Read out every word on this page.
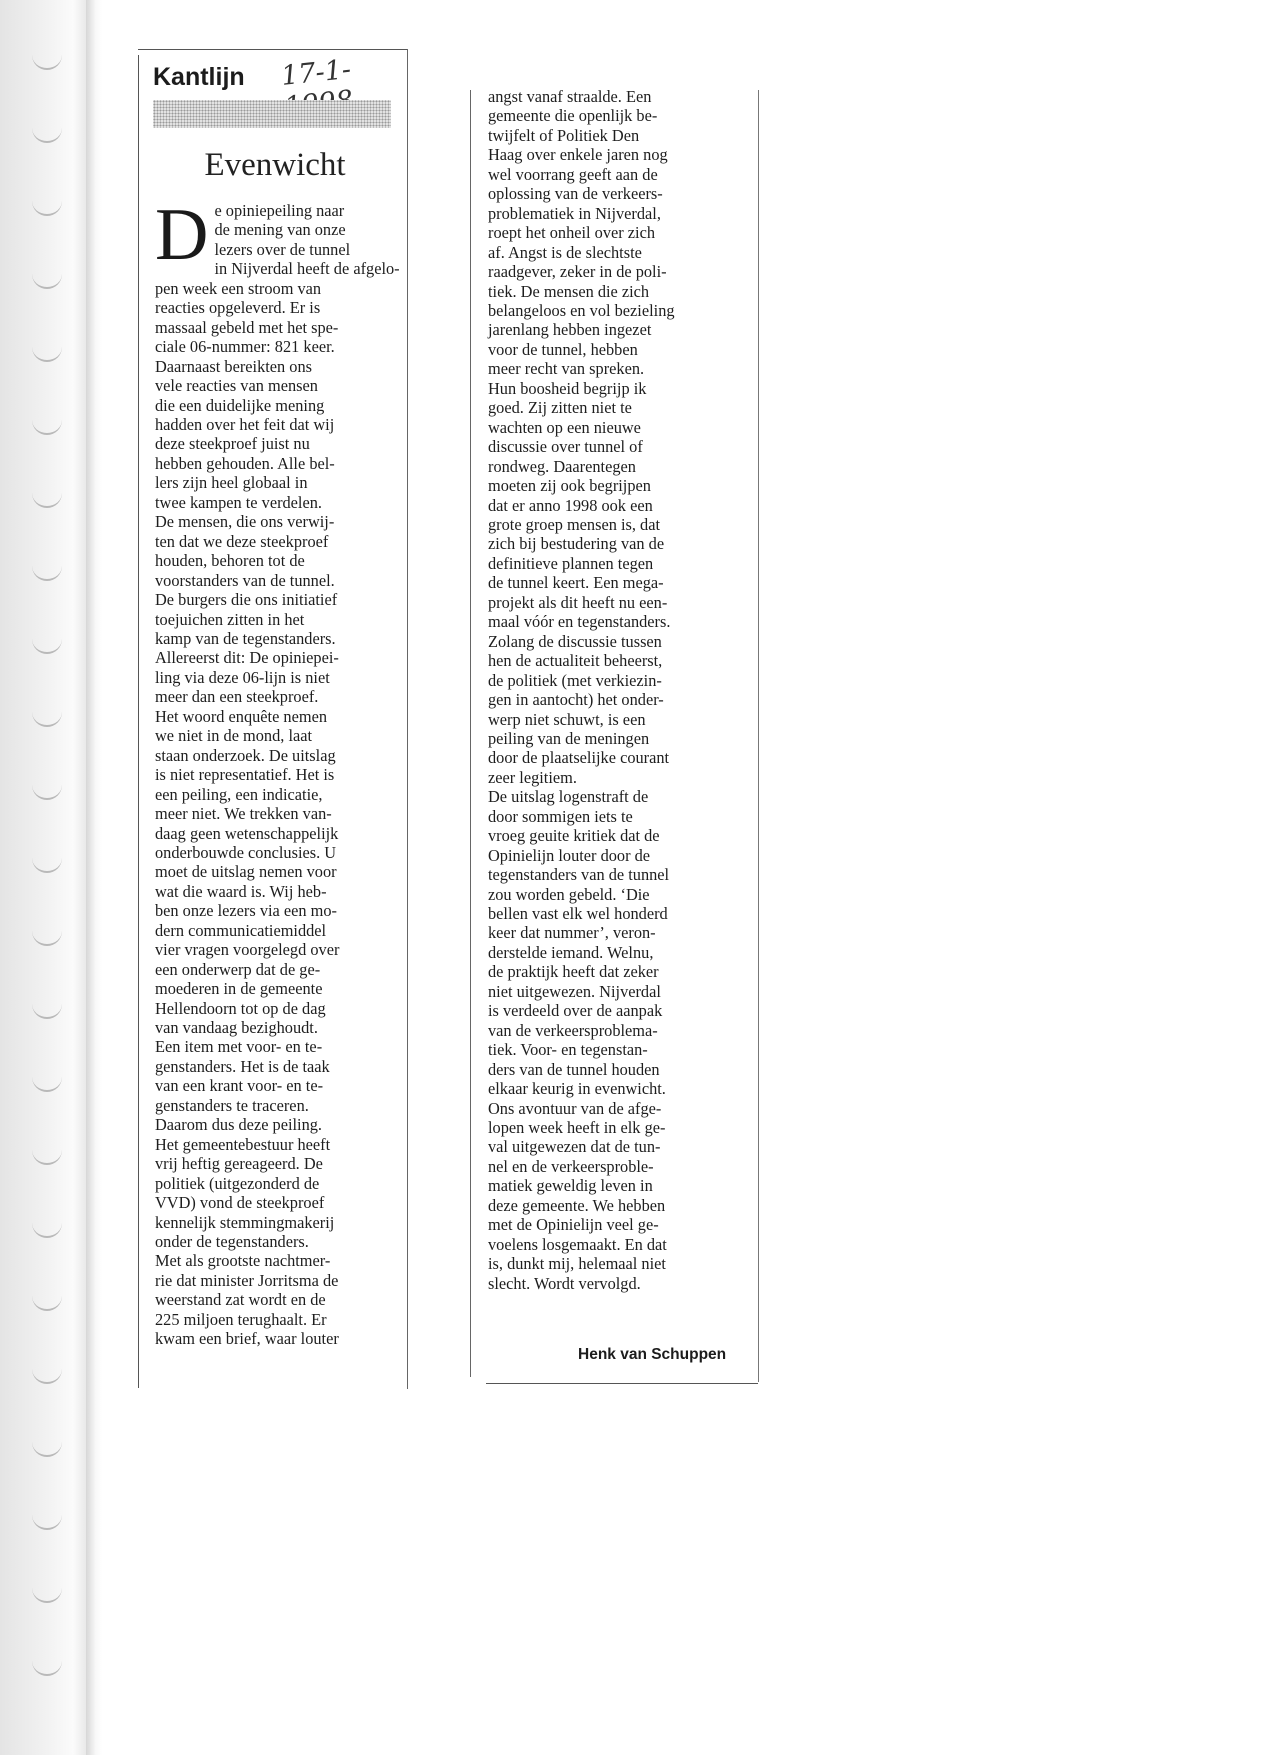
Kantlijn 17-1-1998
Evenwicht
D e opiniepeiling naar
de mening van onze
lezers over de tunnel
in Nijverdal heeft de afgelo-
pen week een stroom van
reacties opgeleverd. Er is
massaal gebeld met het spe-
ciale 06-nummer: 821 keer.
Daarnaast bereikten ons
vele reacties van mensen
die een duidelijke mening
hadden over het feit dat wij
deze steekproef juist nu
hebben gehouden. Alle bel-
lers zijn heel globaal in
twee kampen te verdelen.
De mensen, die ons verwij-
ten dat we deze steekproef
houden, behoren tot de
voorstanders van de tunnel.
De burgers die ons initiatief
toejuichen zitten in het
kamp van de tegenstanders.
Allereerst dit: De opiniepei-
ling via deze 06-lijn is niet
meer dan een steekproef.
Het woord enquête nemen
we niet in de mond, laat
staan onderzoek. De uitslag
is niet representatief. Het is
een peiling, een indicatie,
meer niet. We trekken van-
daag geen wetenschappelijk
onderbouwde conclusies. U
moet de uitslag nemen voor
wat die waard is. Wij heb-
ben onze lezers via een mo-
dern communicatiemiddel
vier vragen voorgelegd over
een onderwerp dat de ge-
moederen in de gemeente
Hellendoorn tot op de dag
van vandaag bezighoudt.
Een item met voor- en te-
genstanders. Het is de taak
van een krant voor- en te-
genstanders te traceren.
Daarom dus deze peiling.
Het gemeentebestuur heeft
vrij heftig gereageerd. De
politiek (uitgezonderd de
VVD) vond de steekproef
kennelijk stemmingmakerij
onder de tegenstanders.
Met als grootste nachtmer-
rie dat minister Jorritsma de
weerstand zat wordt en de
225 miljoen terughaalt. Er
kwam een brief, waar louter
angst vanaf straalde. Een
gemeente die openlijk be-
twijfelt of Politiek Den
Haag over enkele jaren nog
wel voorrang geeft aan de
oplossing van de verkeers-
problematiek in Nijverdal,
roept het onheil over zich
af. Angst is de slechtste
raadgever, zeker in de poli-
tiek. De mensen die zich
belangeloos en vol bezieling
jarenlang hebben ingezet
voor de tunnel, hebben
meer recht van spreken.
Hun boosheid begrijp ik
goed. Zij zitten niet te
wachten op een nieuwe
discussie over tunnel of
rondweg. Daarentegen
moeten zij ook begrijpen
dat er anno 1998 ook een
grote groep mensen is, dat
zich bij bestudering van de
definitieve plannen tegen
de tunnel keert. Een mega-
projekt als dit heeft nu een-
maal vóór en tegenstanders.
Zolang de discussie tussen
hen de actualiteit beheerst,
de politiek (met verkiezin-
gen in aantocht) het onder-
werp niet schuwt, is een
peiling van de meningen
door de plaatselijke courant
zeer legitiem.
De uitslag logenstraft de
door sommigen iets te
vroeg geuite kritiek dat de
Opinielijn louter door de
tegenstanders van de tunnel
zou worden gebeld. ‘Die
bellen vast elk wel honderd
keer dat nummer’, veron-
derstelde iemand. Welnu,
de praktijk heeft dat zeker
niet uitgewezen. Nijverdal
is verdeeld over de aanpak
van de verkeersproblema-
tiek. Voor- en tegenstan-
ders van de tunnel houden
elkaar keurig in evenwicht.
Ons avontuur van de afge-
lopen week heeft in elk ge-
val uitgewezen dat de tun-
nel en de verkeersproble-
matiek geweldig leven in
deze gemeente. We hebben
met de Opinielijn veel ge-
voelens losgemaakt. En dat
is, dunkt mij, helemaal niet
slecht. Wordt vervolgd.
Henk van Schuppen
